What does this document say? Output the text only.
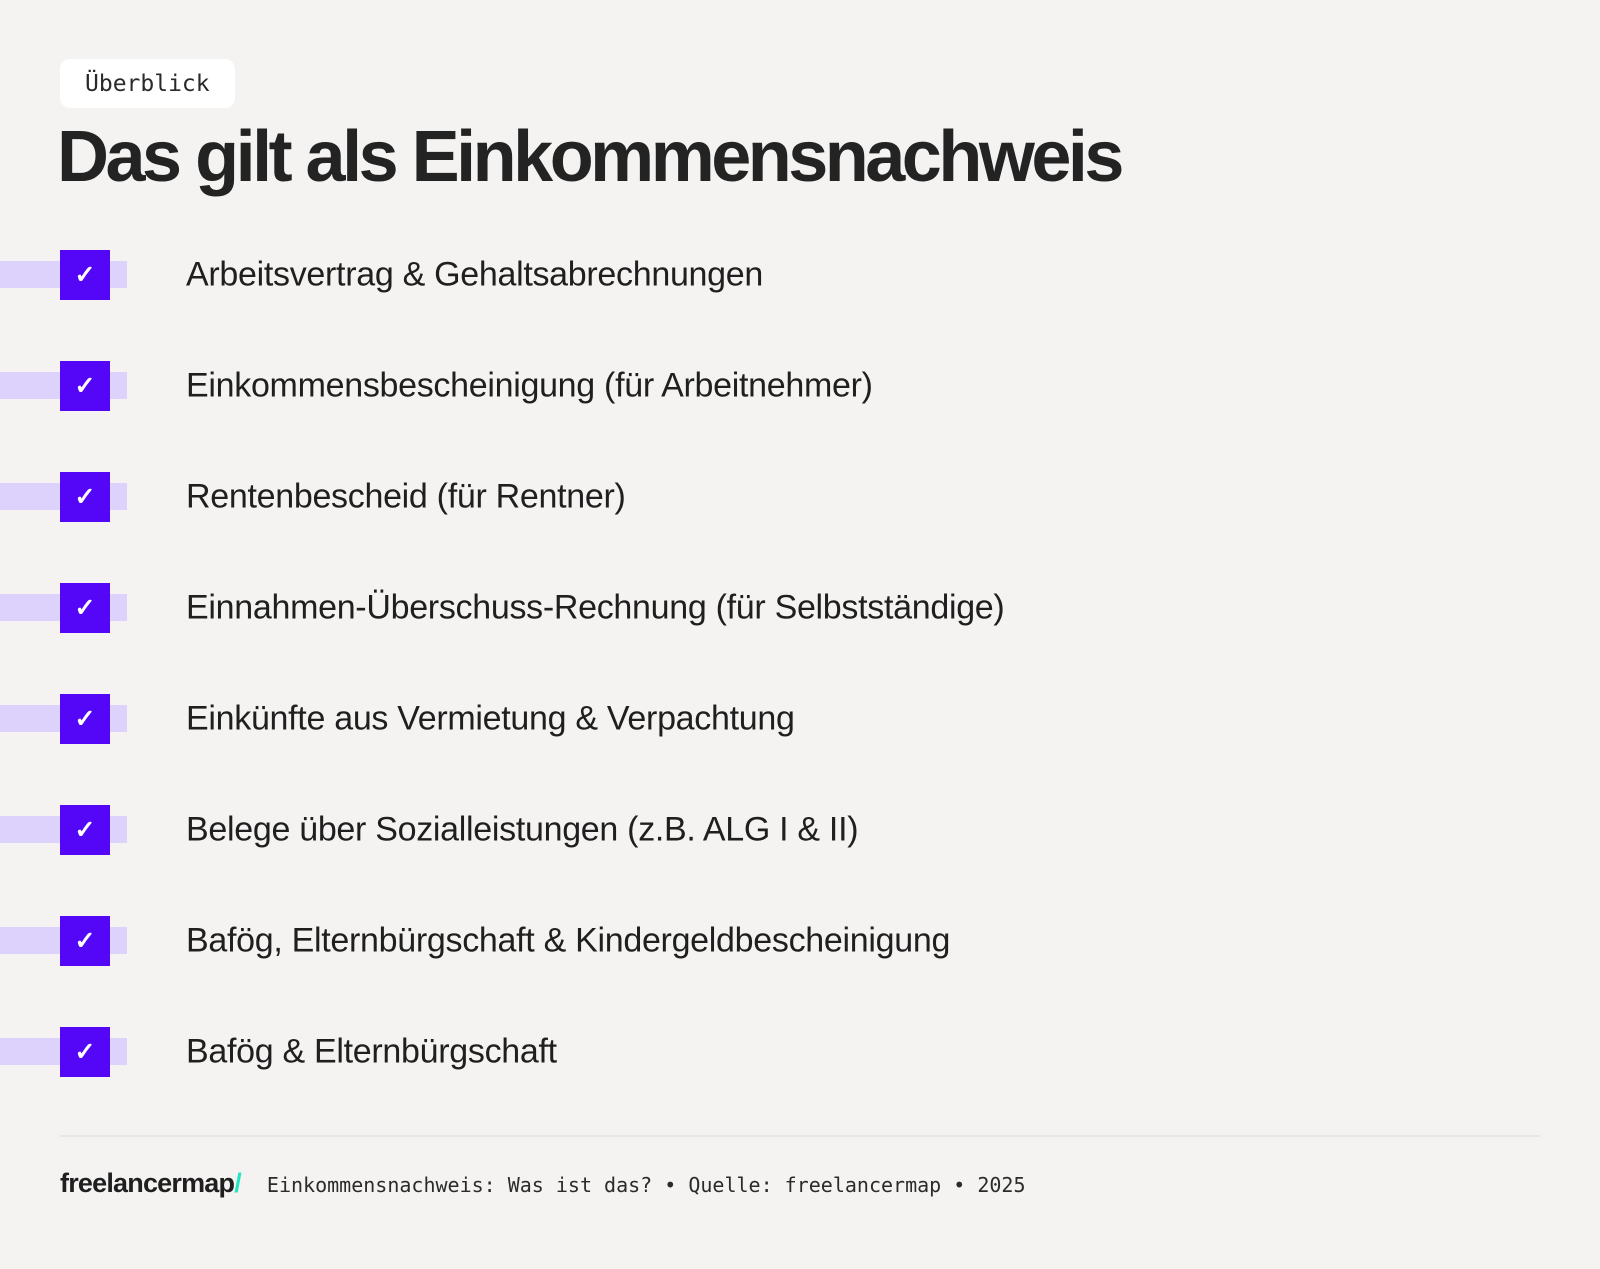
Überblick
Das gilt als Einkommensnachweis
✓	Arbeitsvertrag & Gehaltsabrechnungen
✓	Einkommensbescheinigung (für Arbeitnehmer)
✓	Rentenbescheid (für Rentner)
✓	Einnahmen-Überschuss-Rechnung (für Selbstständige)
✓	Einkünfte aus Vermietung & Verpachtung
✓	Belege über Sozialleistungen (z.B. ALG I & II)
✓	Bafög, Elternbürgschaft & Kindergeldbescheinigung
✓	Bafög & Elternbürgschaft
freelancermap/ Einkommensnachweis: Was ist das? • Quelle: freelancermap • 2025
